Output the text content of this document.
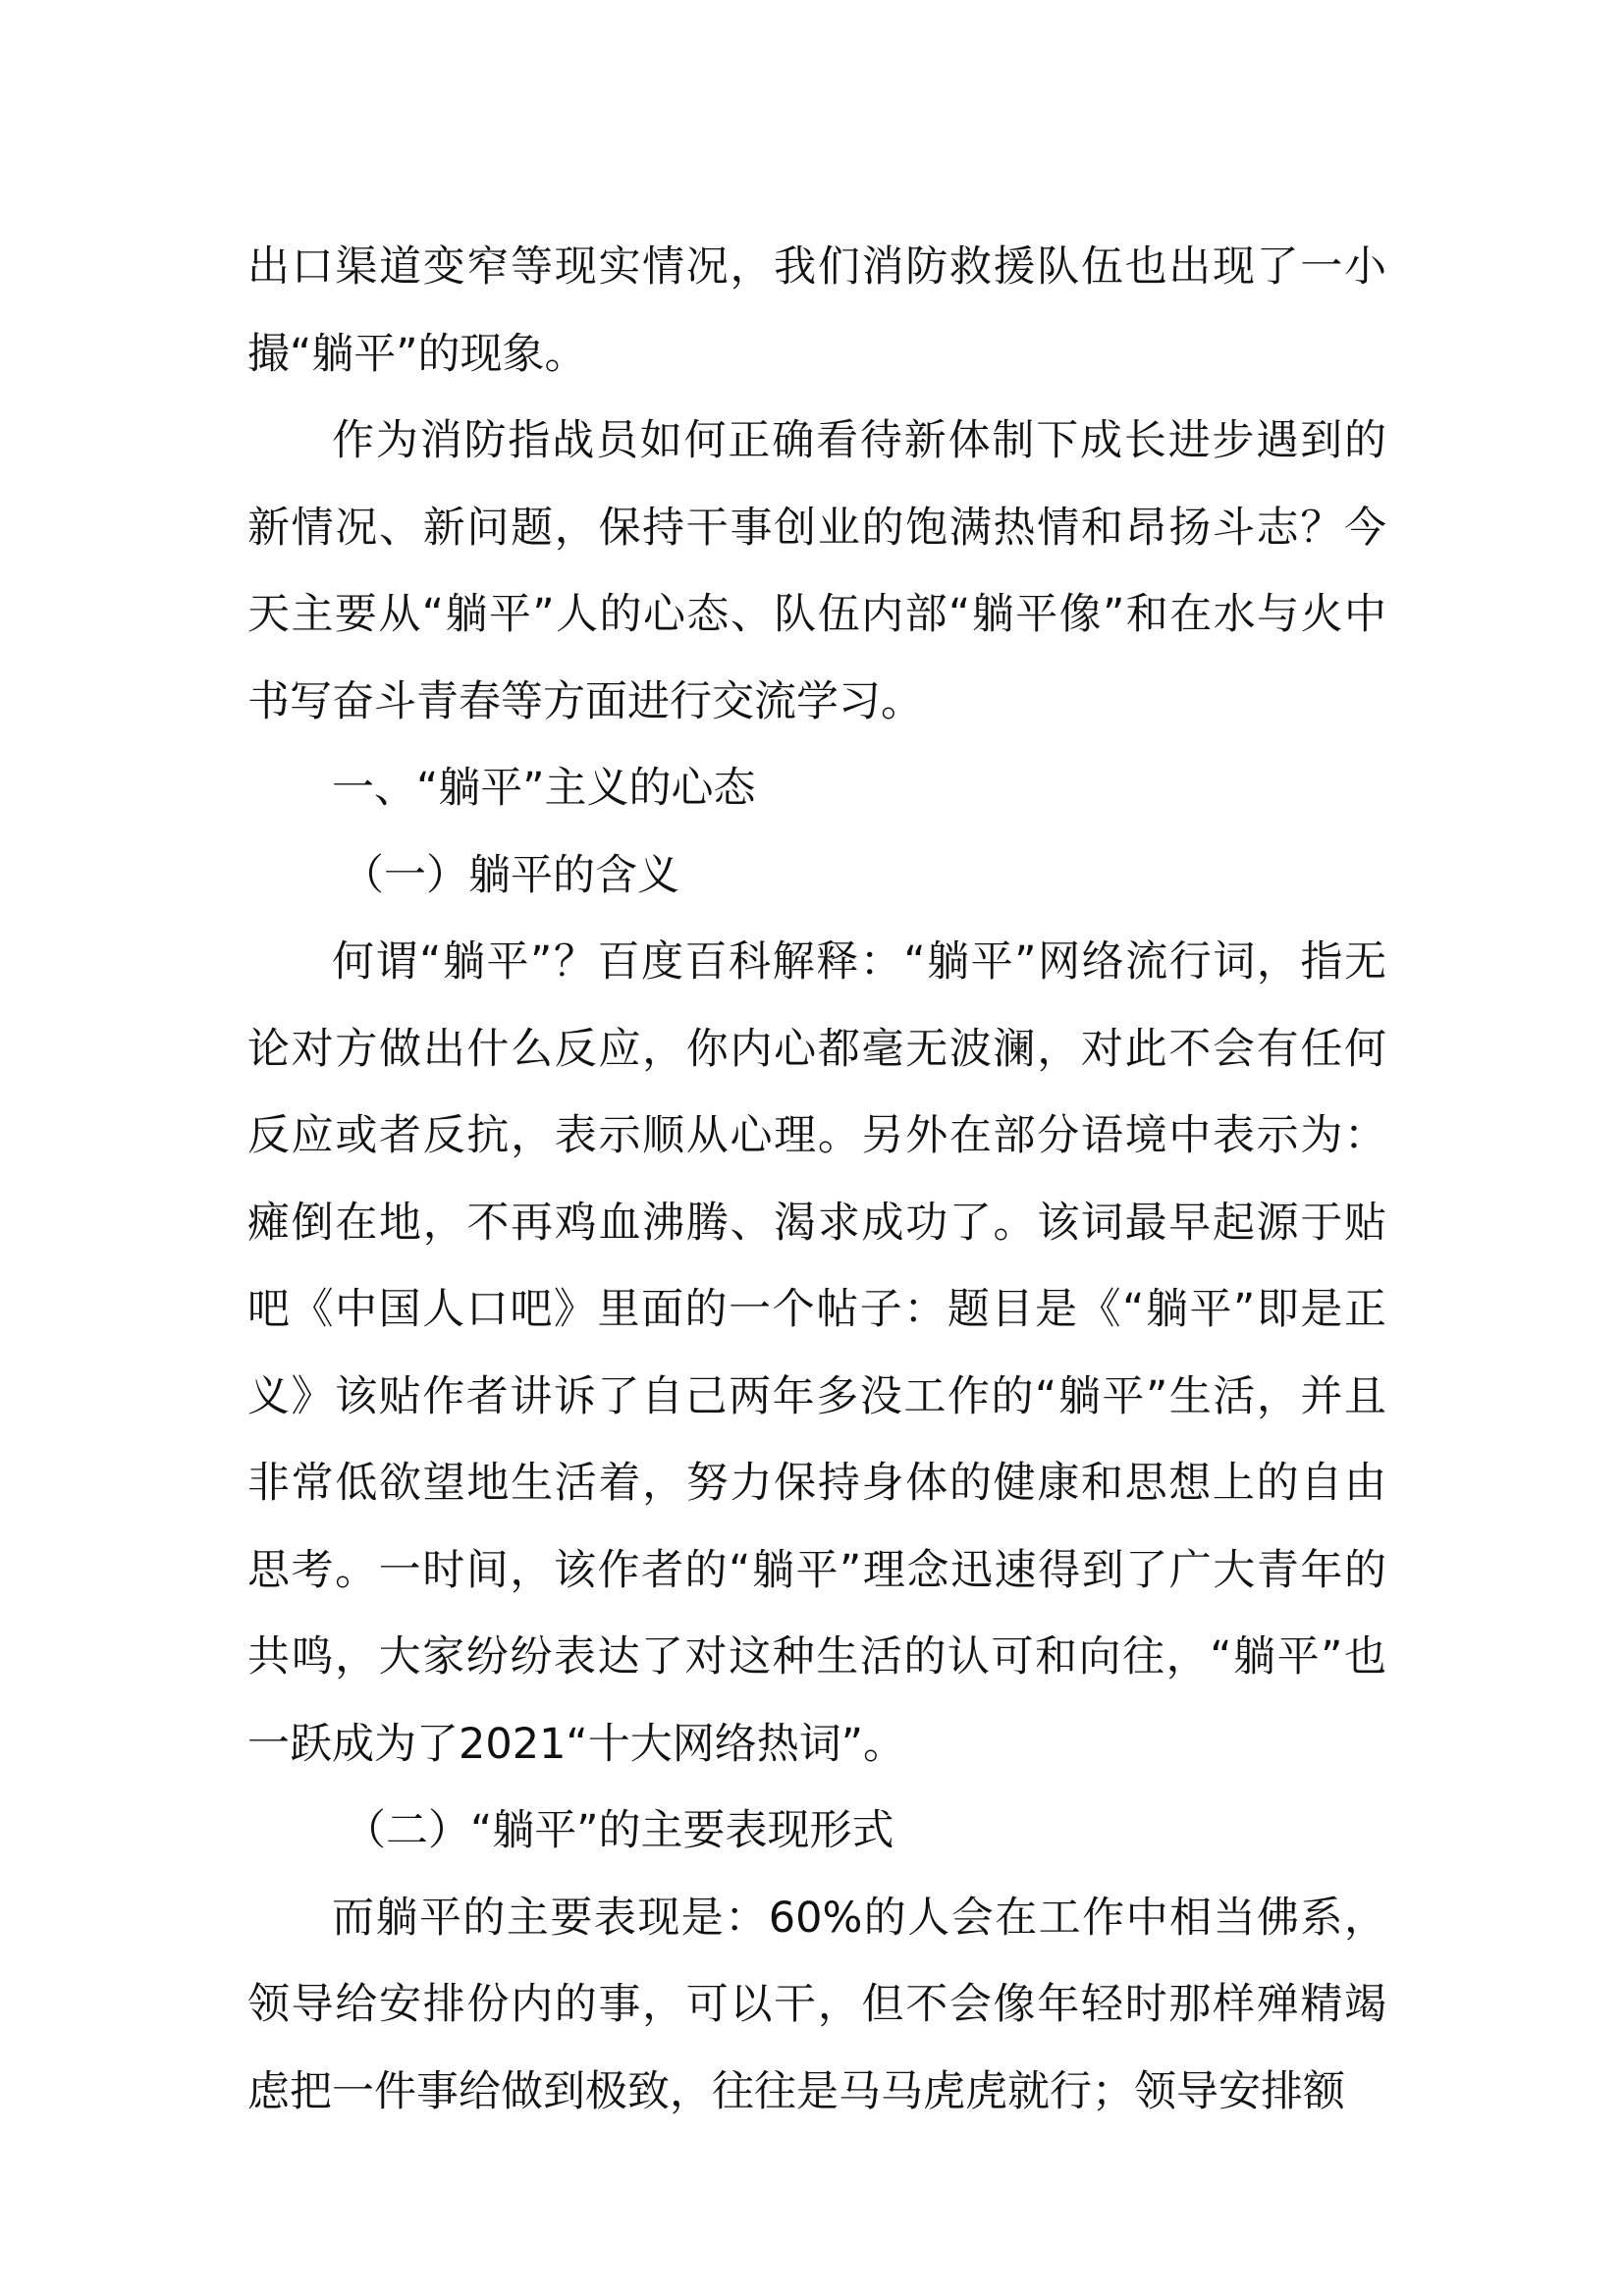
出口渠道变窄等现实情况，我们消防救援队伍也出现了一小撮“躺平”的现象。

作为消防指战员如何正确看待新体制下成长进步遇到的新情况、新问题，保持干事创业的饱满热情和昂扬斗志？今天主要从“躺平”人的心态、队伍内部“躺平像”和在水与火中书写奋斗青春等方面进行交流学习。

一、“躺平”主义的心态

（一）躺平的含义

何谓“躺平”？百度百科解释：“躺平”网络流行词，指无论对方做出什么反应，你内心都毫无波澜，对此不会有任何反应或者反抗，表示顺从心理。另外在部分语境中表示为：瘫倒在地，不再鸡血沸腾、渴求成功了。该词最早起源于贴吧《中国人口吧》里面的一个帖子：题目是《“躺平”即是正义》该贴作者讲诉了自己两年多没工作的“躺平”生活，并且非常低欲望地生活着，努力保持身体的健康和思想上的自由思考。一时间，该作者的“躺平”理念迅速得到了广大青年的共鸣，大家纷纷表达了对这种生活的认可和向往，“躺平”也一跃成为了2021“十大网络热词”。

（二）“躺平”的主要表现形式

而躺平的主要表现是：60%的人会在工作中相当佛系，领导给安排份内的事，可以干，但不会像年轻时那样殚精竭虑把一件事给做到极致，往往是马马虎虎就行；领导安排额
